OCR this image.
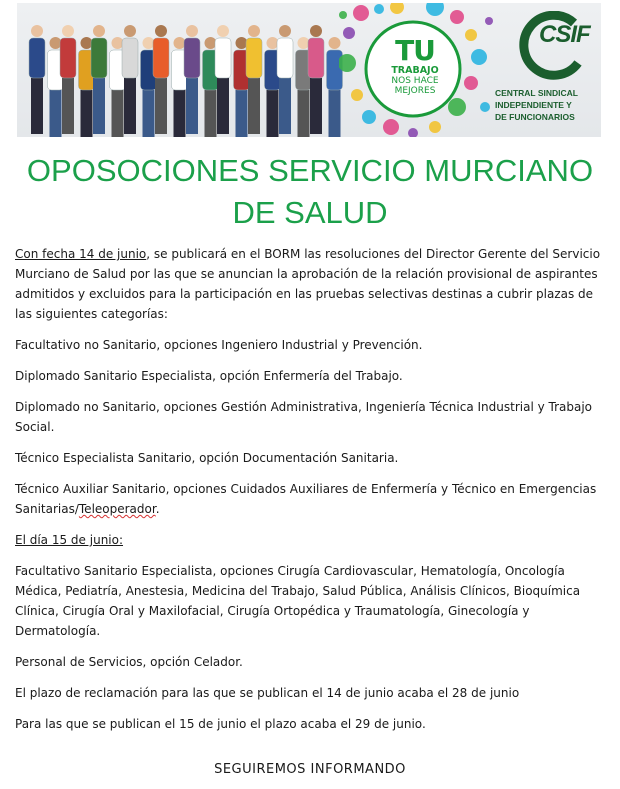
TU
TRABAJO
NOS HACE
MEJORES
CSIF
CENTRAL SINDICAL
INDEPENDIENTE Y
DE FUNCIONARIOS
OPOSOCIONES SERVICIO MURCIANO
DE SALUD

Con fecha 14 de junio, se publicará en el BORM las resoluciones del Director Gerente del Servicio Murciano de Salud por las que se anuncian la aprobación de la relación provisional de aspirantes admitidos y excluidos para la participación en las pruebas selectivas destinas a cubrir plazas de las siguientes categorías:

Facultativo no Sanitario, opciones Ingeniero Industrial y Prevención.

Diplomado Sanitario Especialista, opción Enfermería del Trabajo.

Diplomado no Sanitario, opciones Gestión Administrativa, Ingeniería Técnica Industrial y Trabajo Social.

Técnico Especialista Sanitario, opción Documentación Sanitaria.

Técnico Auxiliar Sanitario, opciones Cuidados Auxiliares de Enfermería y Técnico en Emergencias Sanitarias/Teleoperador.

El día 15 de junio:

Facultativo Sanitario Especialista, opciones Cirugía Cardiovascular, Hematología, Oncología Médica, Pediatría, Anestesia, Medicina del Trabajo, Salud Pública, Análisis Clínicos, Bioquímica Clínica, Cirugía Oral y Maxilofacial, Cirugía Ortopédica y Traumatología, Ginecología y Dermatología.

Personal de Servicios, opción Celador.

El plazo de reclamación para las que se publican el 14 de junio acaba el 28 de junio

Para las que se publican el 15 de junio el plazo acaba el 29 de junio.

SEGUIREMOS INFORMANDO
